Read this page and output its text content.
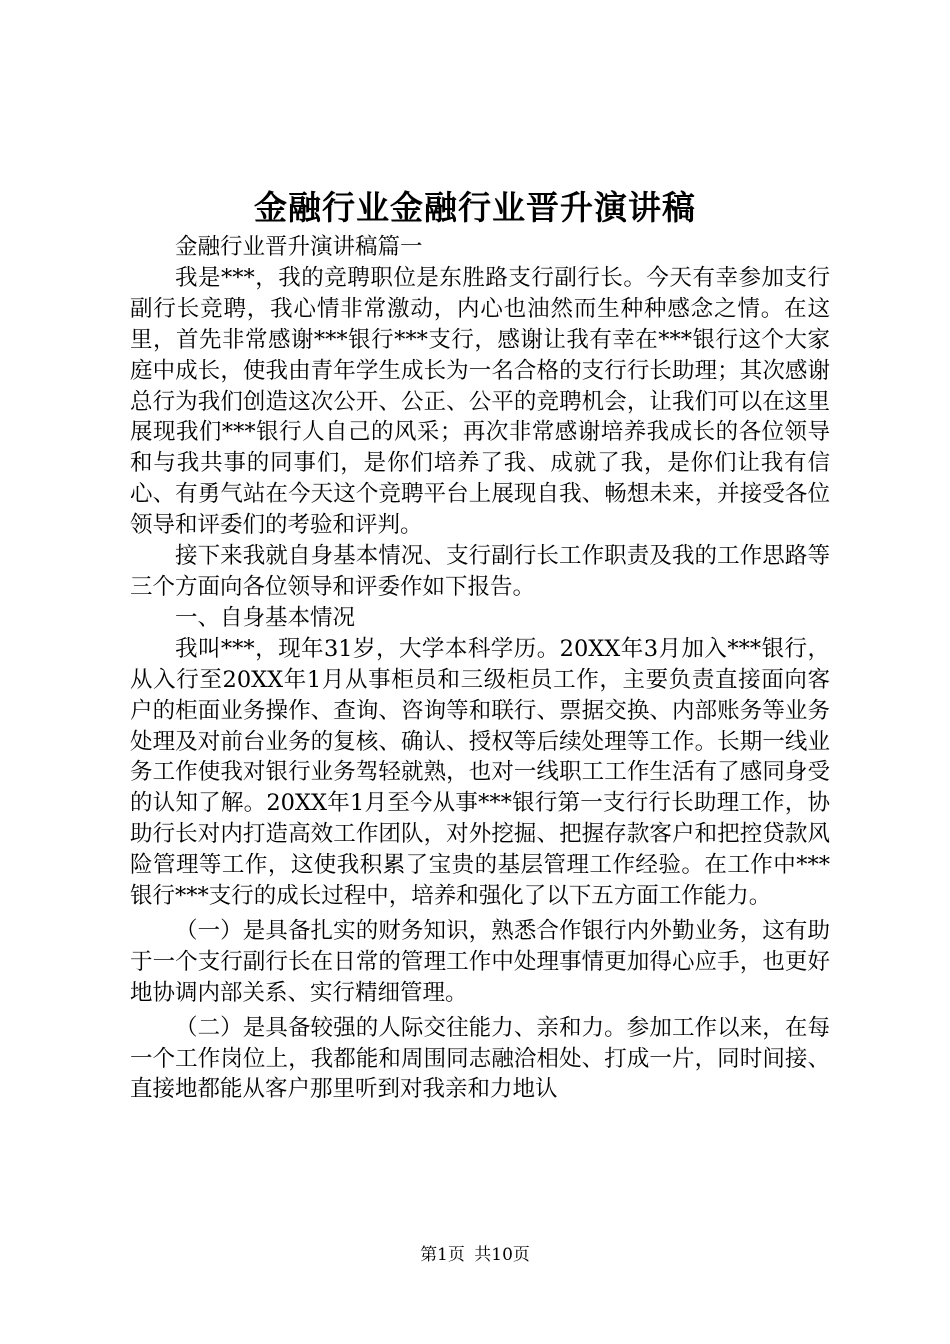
金融行业金融行业晋升演讲稿

金融行业晋升演讲稿篇一

我是***，我的竞聘职位是东胜路支行副行长。今天有幸参加支行副行长竞聘，我心情非常激动，内心也油然而生种种感念之情。在这里，首先非常感谢***银行***支行，感谢让我有幸在***银行这个大家庭中成长，使我由青年学生成长为一名合格的支行行长助理；其次感谢总行为我们创造这次公开、公正、公平的竞聘机会，让我们可以在这里展现我们***银行人自己的风采；再次非常感谢培养我成长的各位领导和与我共事的同事们，是你们培养了我、成就了我，是你们让我有信心、有勇气站在今天这个竞聘平台上展现自我、畅想未来，并接受各位领导和评委们的考验和评判。

接下来我就自身基本情况、支行副行长工作职责及我的工作思路等三个方面向各位领导和评委作如下报告。

一、自身基本情况

我叫***，现年31岁，大学本科学历。20XX年3月加入***银行，从入行至20XX年1月从事柜员和三级柜员工作，主要负责直接面向客户的柜面业务操作、查询、咨询等和联行、票据交换、内部账务等业务处理及对前台业务的复核、确认、授权等后续处理等工作。长期一线业务工作使我对银行业务驾轻就熟，也对一线职工工作生活有了感同身受的认知了解。20XX年1月至今从事***银行第一支行行长助理工作，协助行长对内打造高效工作团队，对外挖掘、把握存款客户和把控贷款风险管理等工作，这使我积累了宝贵的基层管理工作经验。在工作中***银行***支行的成长过程中，培养和强化了以下五方面工作能力。

（一）是具备扎实的财务知识，熟悉合作银行内外勤业务，这有助于一个支行副行长在日常的管理工作中处理事情更加得心应手，也更好地协调内部关系、实行精细管理。

（二）是具备较强的人际交往能力、亲和力。参加工作以来，在每一个工作岗位上，我都能和周围同志融洽相处、打成一片，同时间接、直接地都能从客户那里听到对我亲和力地认

第1页 共10页
